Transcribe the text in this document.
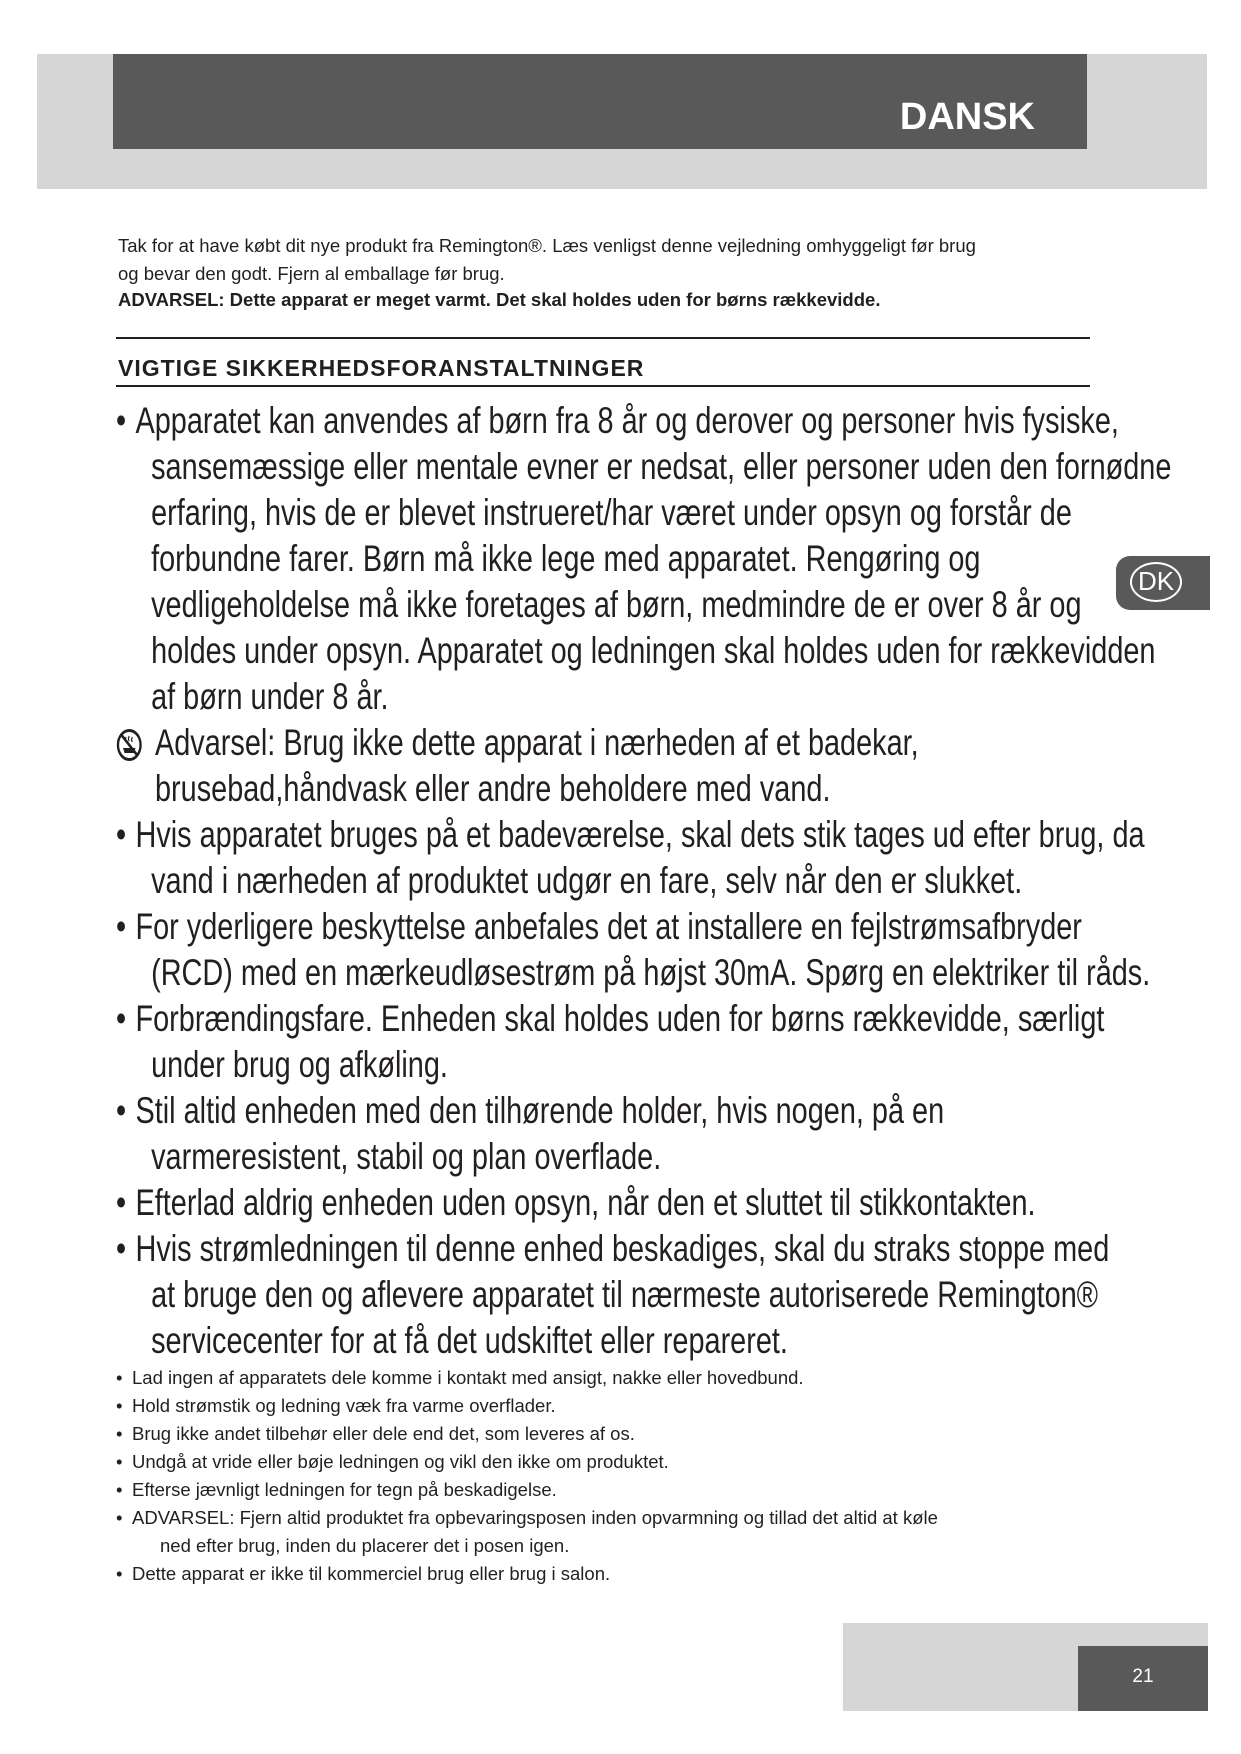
DANSK
Tak for at have købt dit nye produkt fra Remington®. Læs venligst denne vejledning omhyggeligt før brug
og bevar den godt. Fjern al emballage før brug.
ADVARSEL: Dette apparat er meget varmt. Det skal holdes uden for børns rækkevidde.
VIGTIGE SIKKERHEDSFORANSTALTNINGER
• Apparatet kan anvendes af børn fra 8 år og derover og personer hvis fysiske,
sansemæssige eller mentale evner er nedsat, eller personer uden den fornødne
erfaring, hvis de er blevet instrueret/har været under opsyn og forstår de
forbundne farer. Børn må ikke lege med apparatet. Rengøring og
vedligeholdelse må ikke foretages af børn, medmindre de er over 8 år og
holdes under opsyn. Apparatet og ledningen skal holdes uden for rækkevidden
af børn under 8 år.
Advarsel: Brug ikke dette apparat i nærheden af et badekar, brusebad,håndvask eller andre beholdere med vand.
• Hvis apparatet bruges på et badeværelse, skal dets stik tages ud efter brug, da
vand i nærheden af produktet udgør en fare, selv når den er slukket.
• For yderligere beskyttelse anbefales det at installere en fejlstrømsafbryder
(RCD) med en mærkeudløsestrøm på højst 30mA. Spørg en elektriker til råds.
• Forbrændingsfare. Enheden skal holdes uden for børns rækkevidde, særligt
under brug og afkøling.
• Stil altid enheden med den tilhørende holder, hvis nogen, på en
varmeresistent, stabil og plan overflade.
• Efterlad aldrig enheden uden opsyn, når den et sluttet til stikkontakten.
• Hvis strømledningen til denne enhed beskadiges, skal du straks stoppe med
at bruge den og aflevere apparatet til nærmeste autoriserede Remington®
servicecenter for at få det udskiftet eller repareret.
• Lad ingen af apparatets dele komme i kontakt med ansigt, nakke eller hovedbund.
• Hold strømstik og ledning væk fra varme overflader.
• Brug ikke andet tilbehør eller dele end det, som leveres af os.
• Undgå at vride eller bøje ledningen og vikl den ikke om produktet.
• Efterse jævnligt ledningen for tegn på beskadigelse.
• ADVARSEL: Fjern altid produktet fra opbevaringsposen inden opvarmning og tillad det altid at køle
ned efter brug, inden du placerer det i posen igen.
• Dette apparat er ikke til kommerciel brug eller brug i salon.
DK
21
